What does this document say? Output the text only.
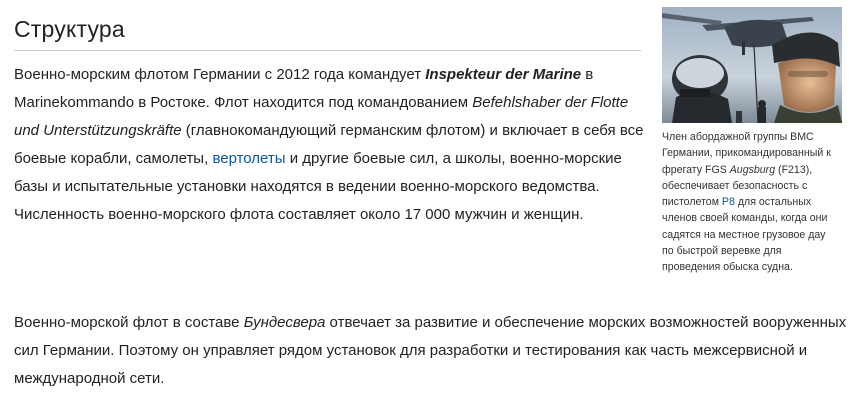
Структура

Военно-морским флотом Германии с 2012 года командует Inspekteur der Marine в Marinekommando в Ростоке. Флот находится под командованием Befehlshaber der Flotte und Unterstützungskräfte (главнокомандующий германским флотом) и включает в себя все боевые корабли, самолеты, вертолеты и другие боевые сил, а школы, военно-морские базы и испытательные установки находятся в ведении военно-морского ведомства. Численность военно-морского флота составляет около 17 000 мужчин и женщин.

Военно-морской флот в составе Бундесвера отвечает за развитие и обеспечение морских возможностей вооруженных сил Германии. Поэтому он управляет рядом установок для разработки и тестирования как часть межсервисной и международной сети.

Член абордажной группы ВМС Германии, прикомандированный к фрегату FGS Augsburg (F213), обеспечивает безопасность с пистолетом P8 для остальных членов своей команды, когда они садятся на местное грузовое дау по быстрой веревке для проведения обыска судна.
